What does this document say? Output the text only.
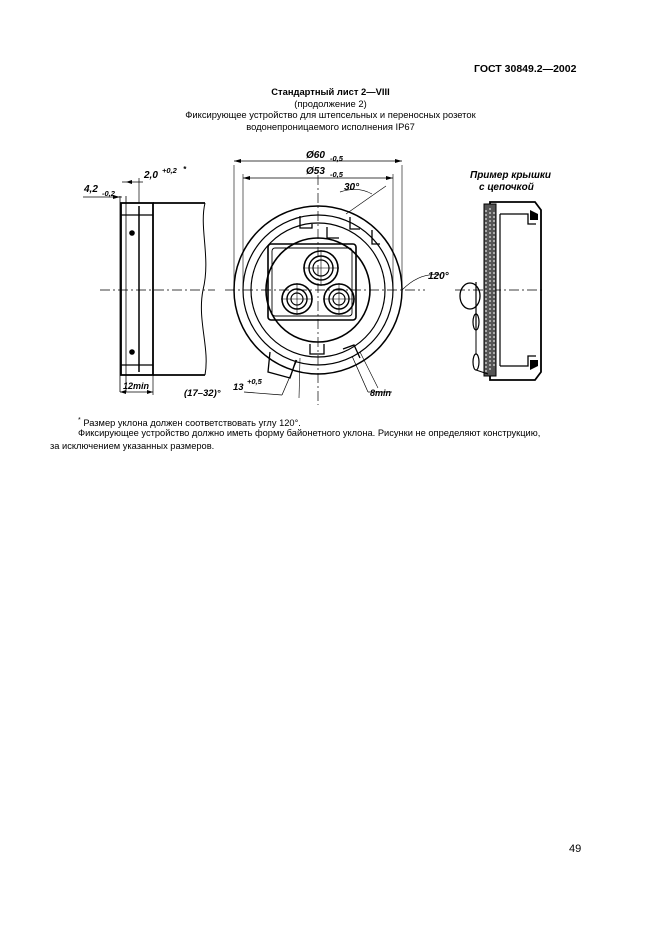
ГОСТ 30849.2—2002
Стандартный лист 2—VIII
(продолжение 2)
Фиксирующее устройство для штепсельных и переносных розеток
водонепроницаемого исполнения IP67
Ø60 -0,5
Ø53 -0,5
30°
120°
2,0 +0,2 *
4,2 -0,2
12min
(17–32)°
13
+0,5
8min
Пример крышки
с цепочкой
* Размер уклона должен соответствовать углу 120°.
Фиксирующее устройство должно иметь форму байонетного уклона. Рисунки не определяют конструкцию,
за исключением указанных размеров.
49
